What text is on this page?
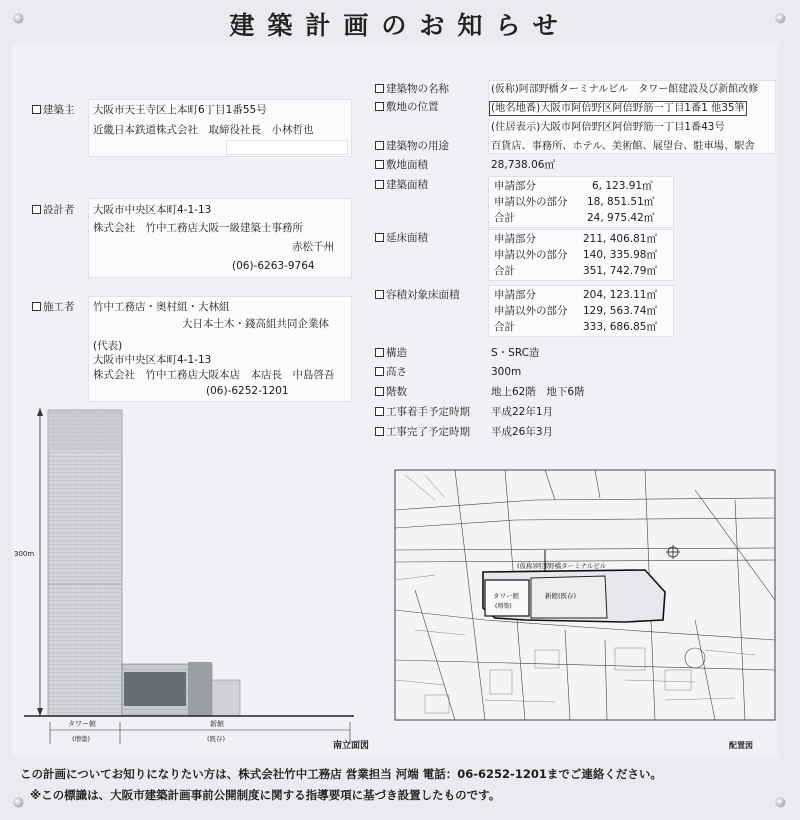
建築計画のお知らせ
建築主 大阪市天王寺区上本町6丁目1番55号
近畿日本鉄道株式会社　取締役社長　小林哲也
設計者 大阪市中央区本町4-1-13
株式会社　竹中工務店大阪一級建築士事務所
赤松千州
(06)-6263-9764
施工者 竹中工務店・奥村組・大林組
大日本土木・錢高組共同企業体
(代表)
大阪市中央区本町4-1-13
株式会社　竹中工務店大阪本店　本店長　中島啓吾
(06)-6252-1201
建築物の名称	(仮称)阿部野橋ターミナルビル　タワー館建設及び新館改修
敷地の位置	(地名地番)大阪市阿倍野区阿倍野筋一丁目1番1 他35筆
(住居表示)大阪市阿倍野区阿倍野筋一丁目1番43号
建築物の用途	百貨店、事務所、ホテル、美術館、展望台、駐車場、駅舎
敷地面積	28,738.06㎡
建築面積	申請部分	6, 123.91㎡
申請以外の部分 18, 851.51㎡
合計	24, 975.42㎡
延床面積	申請部分	211, 406.81㎡
申請以外の部分 140, 335.98㎡
合計	351, 742.79㎡
容積対象床面積	申請部分	204, 123.11㎡
申請以外の部分 129, 563.74㎡
合計	333, 686.85㎡
構造	S・SRC造
高さ	300m
階数	地上62階　地下6階
工事着手予定時期 平成22年1月
工事完了予定時期 平成26年3月
300m
タワー館
(増築)
新館
(既存)
南立面図
(仮称)阿部野橋ターミナルビル
タワー館
(増築)
新館(既存)
配置図
この計画についてお知りになりたい方は、株式会社竹中工務店 営業担当 河端 電話：06-6252-1201までご連絡ください。
※この標識は、大阪市建築計画事前公開制度に関する指導要項に基づき設置したものです。
